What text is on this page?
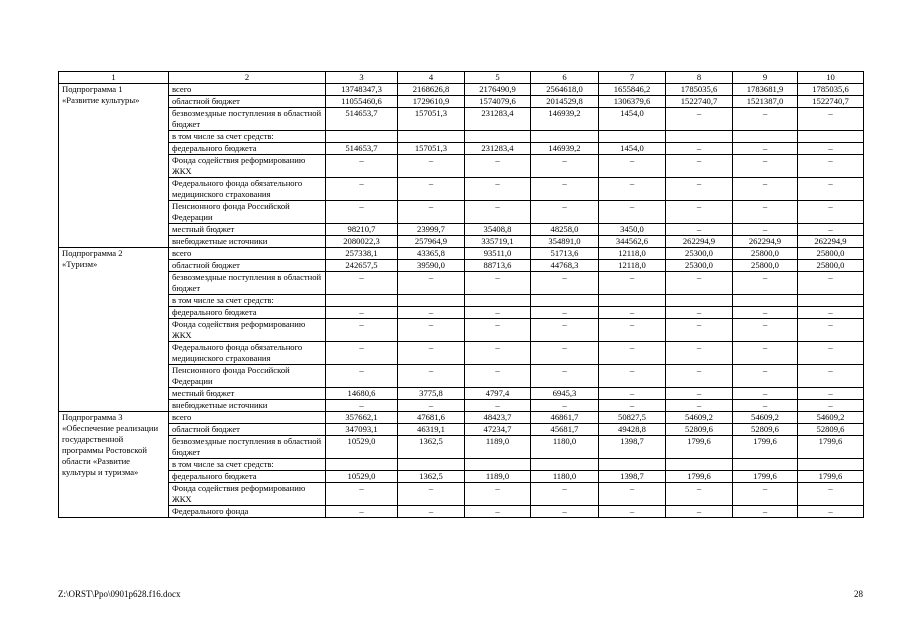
1	2	3	4	5	6	7	8	9	10
Подпрограмма 1
«Развитие культуры»	всего	13748347,3	2168626,8	2176490,9	2564618,0	1655846,2	1785035,6	1783681,9	1785035,6
	областной бюджет	11055460,6	1729610,9	1574079,6	2014529,8	1306379,6	1522740,7	1521387,0	1522740,7
	безвозмездные поступления в областной бюджет	514653,7	157051,3	231283,4	146939,2	1454,0	–	–	–
	в том числе за счет средств:								
	федерального бюджета	514653,7	157051,3	231283,4	146939,2	1454,0	–	–	–
	Фонда содействия реформированию ЖКХ	–	–	–	–	–	–	–	–
	Федерального фонда обязательного медицинского страхования	–	–	–	–	–	–	–	–
	Пенсионного фонда Российской Федерации	–	–	–	–	–	–	–	–
	местный бюджет	98210,7	23999,7	35408,8	48258,0	3450,0	–	–	–
	внебюджетные источники	2080022,3	257964,9	335719,1	354891,0	344562,6	262294,9	262294,9	262294,9
Подпрограмма 2
«Туризм»	всего	257338,1	43365,8	93511,0	51713,6	12118,0	25300,0	25800,0	25800,0
	областной бюджет	242657,5	39590,0	88713,6	44768,3	12118,0	25300,0	25800,0	25800,0
	безвозмездные поступления в областной бюджет	–	–	–	–	–	–	–	–
	в том числе за счет средств:								
	федерального бюджета	–	–	–	–	–	–	–	–
	Фонда содействия реформированию ЖКХ	–	–	–	–	–	–	–	–
	Федерального фонда обязательного медицинского страхования	–	–	–	–	–	–	–	–
	Пенсионного фонда Российской Федерации	–	–	–	–	–	–	–	–
	местный бюджет	14680,6	3775,8	4797,4	6945,3	–	–	–	–
	внебюджетные источники	–	–	–	–	–	–	–	–
Подпрограмма 3
«Обеспечение реализации государственной программы Ростовской области «Развитие культуры и туризма»	всего	357662,1	47681,6	48423,7	46861,7	50827,5	54609,2	54609,2	54609,2
	областной бюджет	347093,1	46319,1	47234,7	45681,7	49428,8	52809,6	52809,6	52809,6
	безвозмездные поступления в областной бюджет	10529,0	1362,5	1189,0	1180,0	1398,7	1799,6	1799,6	1799,6
	в том числе за счет средств:								
	федерального бюджета	10529,0	1362,5	1189,0	1180,0	1398,7	1799,6	1799,6	1799,6
	Фонда содействия реформированию ЖКХ	–	–	–	–	–	–	–	–
	Федерального фонда	–	–	–	–	–	–	–	–
Z:\ORST\Ppo\0901p628.f16.docx	28
